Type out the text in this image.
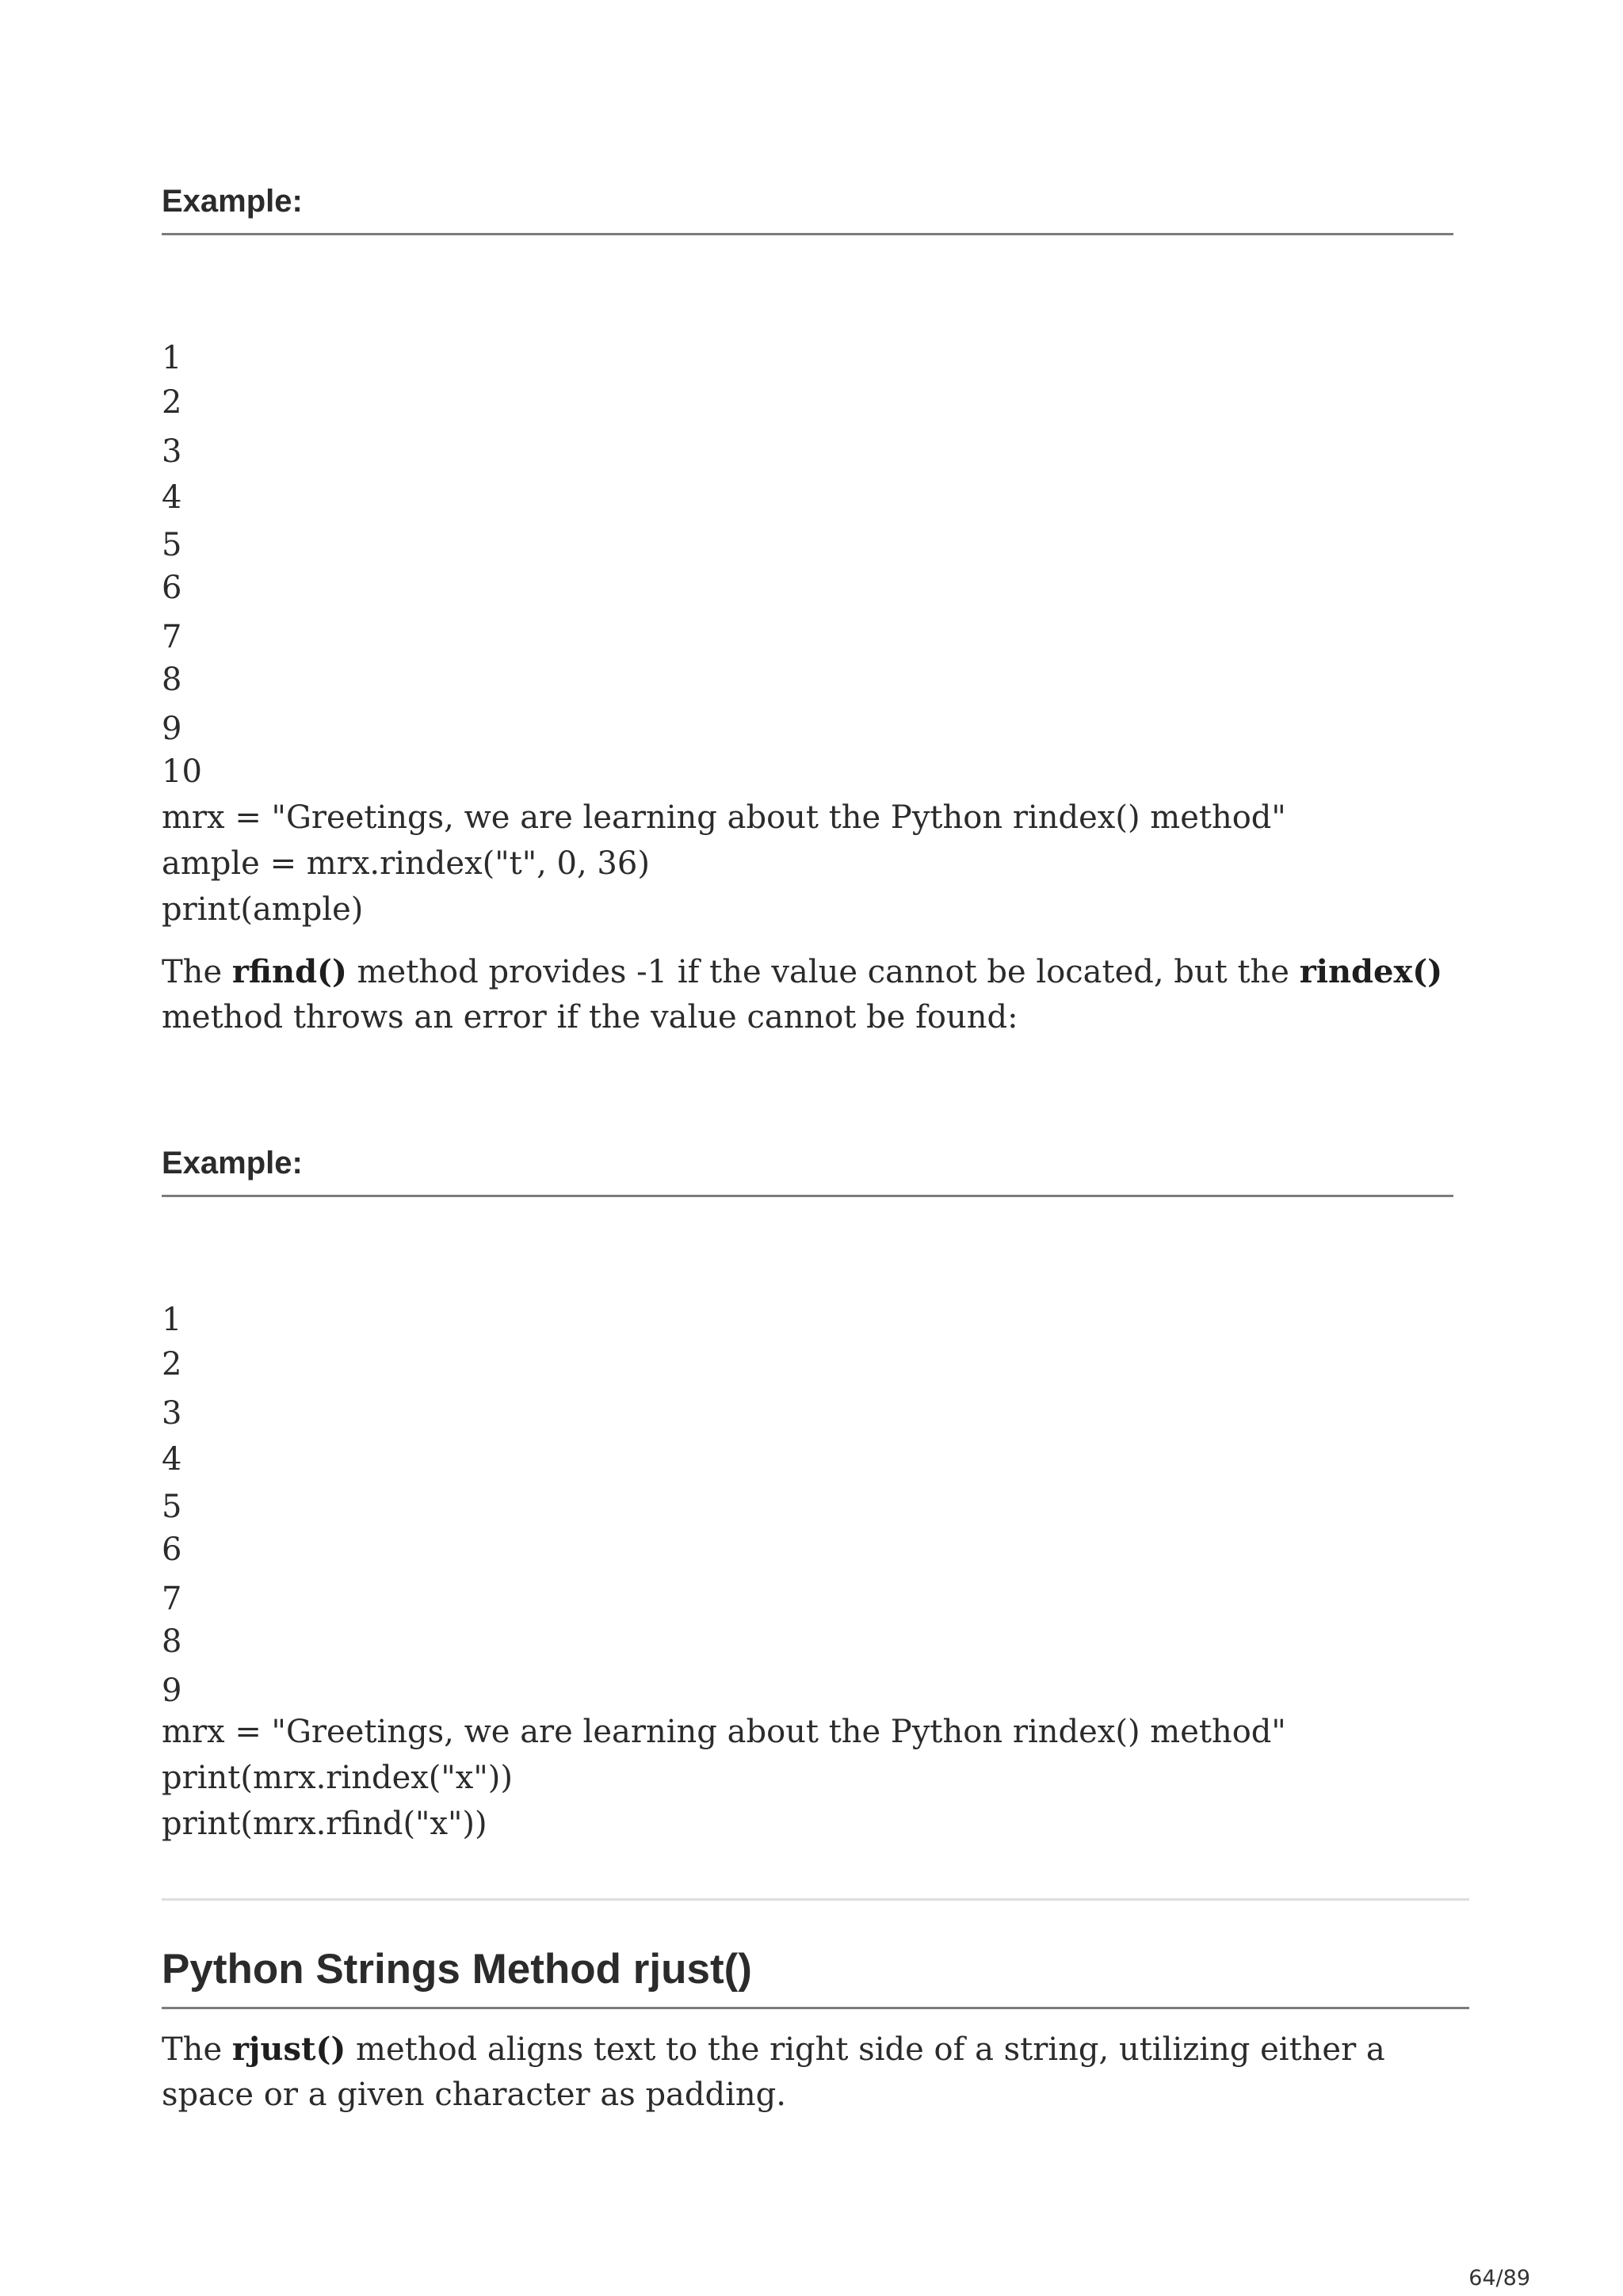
Example:
1
2
3
4
5
6
7
8
9
10
mrx = "Greetings, we are learning about the Python rindex() method"
ample = mrx.rindex("t", 0, 36)
print(ample)
The rfind() method provides -1 if the value cannot be located, but the rindex() method throws an error if the value cannot be found:
Example:
1
2
3
4
5
6
7
8
9
mrx = "Greetings, we are learning about the Python rindex() method"
print(mrx.rindex("x"))
print(mrx.rfind("x"))
Python Strings Method rjust()
The rjust() method aligns text to the right side of a string, utilizing either a space or a given character as padding.
64/89
